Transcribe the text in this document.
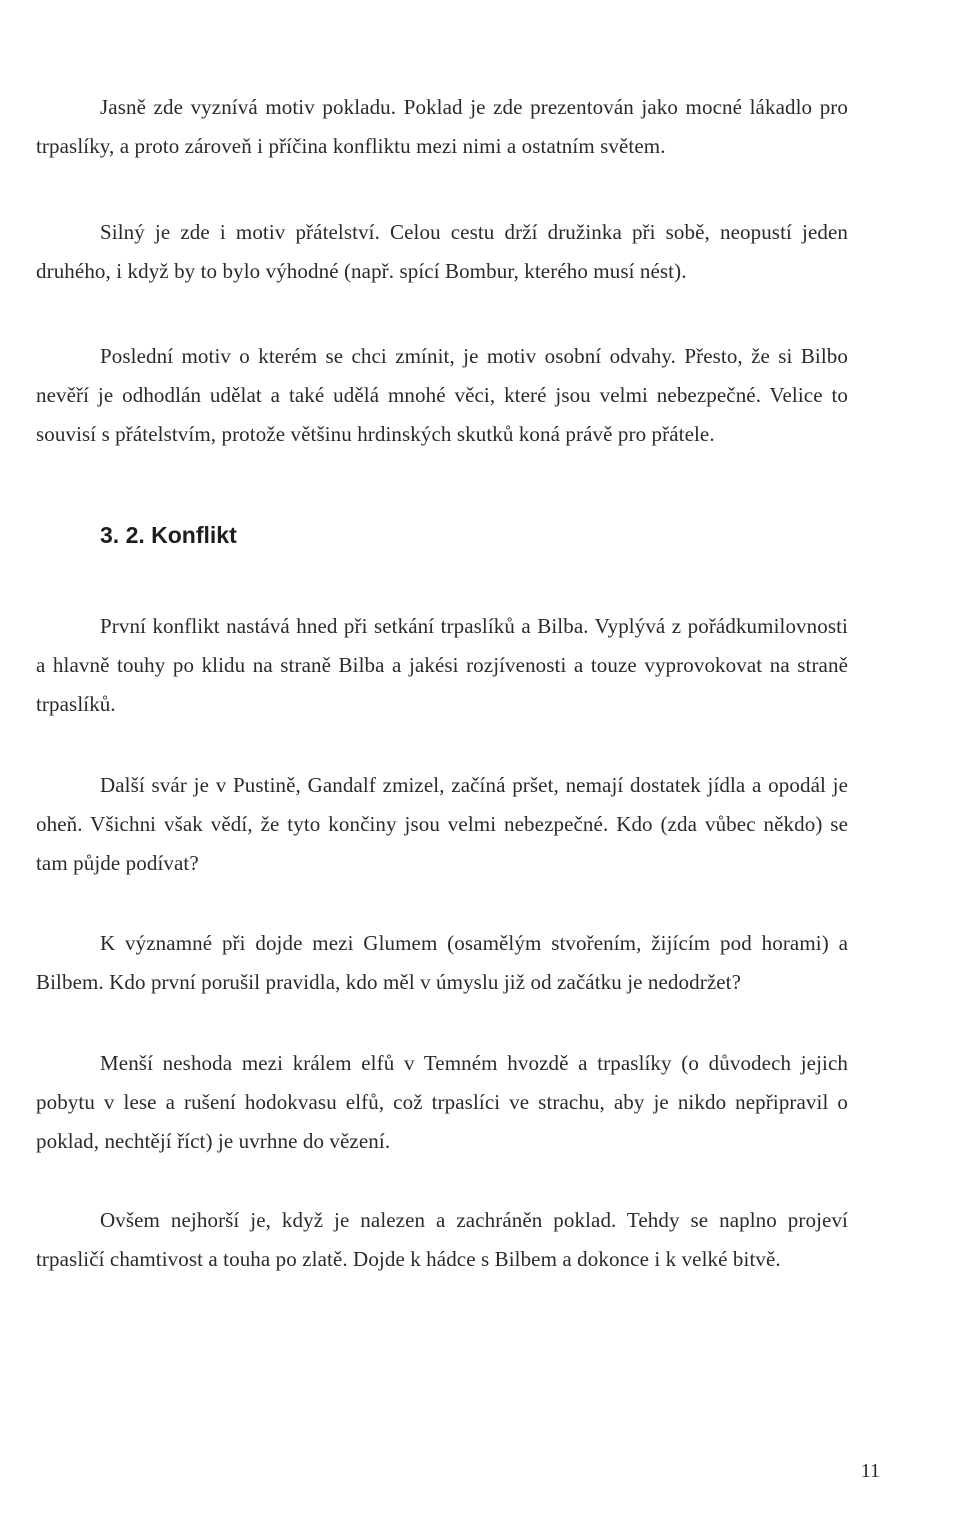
Jasně zde vyznívá motiv pokladu. Poklad je zde prezentován jako mocné lákadlo pro trpaslíky, a proto zároveň i příčina konfliktu mezi nimi a ostatním světem.

Silný je zde i motiv přátelství. Celou cestu drží družinka při sobě, neopustí jeden druhého, i když by to bylo výhodné (např. spící Bombur, kterého musí nést).

Poslední motiv o kterém se chci zmínit, je motiv osobní odvahy. Přesto, že si Bilbo nevěří je odhodlán udělat a také udělá mnohé věci, které jsou velmi nebezpečné. Velice to souvisí s přátelstvím, protože většinu hrdinských skutků koná právě pro přátele.

3. 2. Konflikt

První konflikt nastává hned při setkání trpaslíků a Bilba. Vyplývá z pořádkumilovnosti a hlavně touhy po klidu na straně Bilba a jakési rozjívenosti a touze vyprovokovat na straně trpaslíků.

Další svár je v Pustině, Gandalf zmizel, začíná pršet, nemají dostatek jídla a opodál je oheň. Všichni však vědí, že tyto končiny jsou velmi nebezpečné. Kdo (zda vůbec někdo) se tam půjde podívat?

K významné při dojde mezi Glumem (osamělým stvořením, žijícím pod horami) a Bilbem. Kdo první porušil pravidla, kdo měl v úmyslu již od začátku je nedodržet?

Menší neshoda mezi králem elfů v Temném hvozdě a trpaslíky (o důvodech jejich pobytu v lese a rušení hodokvasu elfů, což trpaslíci ve strachu, aby je nikdo nepřipravil o poklad, nechtějí říct) je uvrhne do vězení.

Ovšem nejhorší je, když je nalezen a zachráněn poklad. Tehdy se naplno projeví trpasličí chamtivost a touha po zlatě. Dojde k hádce s Bilbem a dokonce i k velké bitvě.

11
